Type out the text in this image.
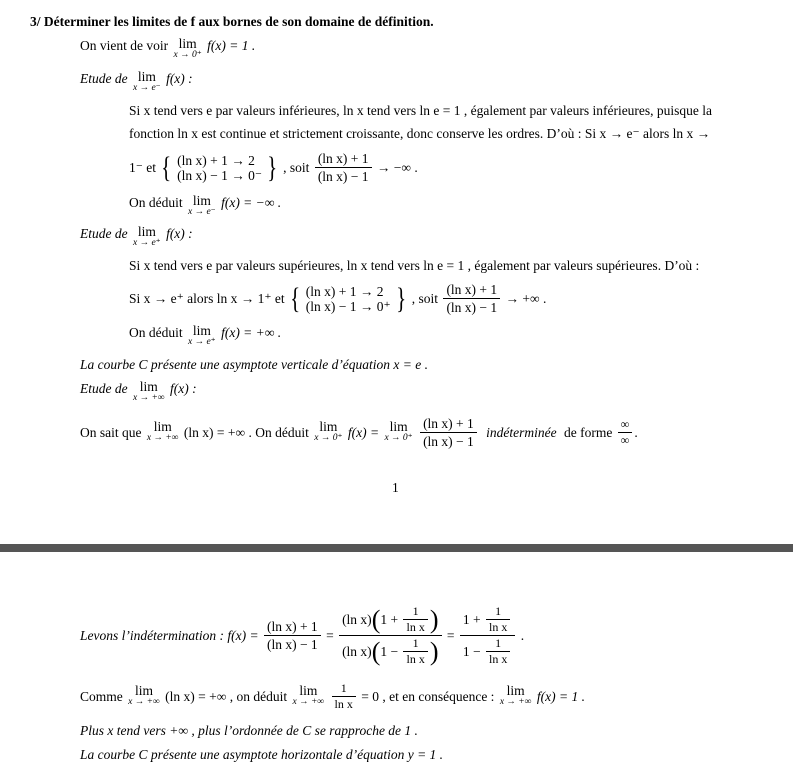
3/ Déterminer les limites de f aux bornes de son domaine de définition.
On vient de voir lim
x → 0⁺
f(x) = 1 .
Etude de lim
x → e⁻
f(x) :
Si x tend vers e par valeurs inférieures, ln x tend vers ln e = 1 , également par valeurs inférieures, puisque la
fonction ln x est continue et strictement croissante, donc conserve les ordres. D’où : Si x → e⁻ alors ln x →
1⁻ et { (ln x) + 1 → 2
(ln x) − 1 → 0⁻ } , soit $\frac{\text{(ln x) + 1}}{\text{(ln x) − 1}}$ → −∞ .
On déduit lim
x → e⁻
f(x) = −∞ .
Etude de lim
x → e⁺
f(x) :
Si x tend vers e par valeurs supérieures, ln x tend vers ln e = 1 , également par valeurs supérieures. D’où :
Si x → e⁺ alors ln x → 1⁺ et { (ln x) + 1 → 2
(ln x) − 1 → 0⁺ } , soit $\frac{\text{(ln x) + 1}}{\text{(ln x) − 1}}$ → +∞ .
On déduit lim
x → e⁺
f(x) = +∞ .
La courbe C présente une asymptote verticale d’équation x = e .
Etude de lim
x → +∞
f(x) :
On sait que lim
x → +∞ (ln x) = +∞ . On déduit lim
x → 0⁺ f(x) = lim
x → 0⁺
$\frac{\text{(ln x) + 1}}{\text{(ln x) − 1}}$ indéterminée de forme $\frac{\infty}{\infty}$ .
1
Levons l’indétermination : $f(x) = \frac{\text{(ln x) + 1}}{\text{(ln x) − 1}} = \frac{(\ln x)(1 + \frac{1}{\text{ln x}} )}{(\ln x)(1 - \frac{1}{\text{ln x}} )} = \frac{1 + \frac{1}{\text{ln x}}}{1 - \frac{1}{\text{ln x}}}$ .
Comme lim
x → +∞ (ln x) = +∞ , on déduit lim
x → +∞
$\frac{1}{\text{ln x}} = 0$ , et en conséquence : lim
x → +∞ f(x) = 1 .
Plus x tend vers +∞ , plus l’ordonnée de C se rapproche de 1 .
La courbe C présente une asymptote horizontale d’équation y = 1 .
